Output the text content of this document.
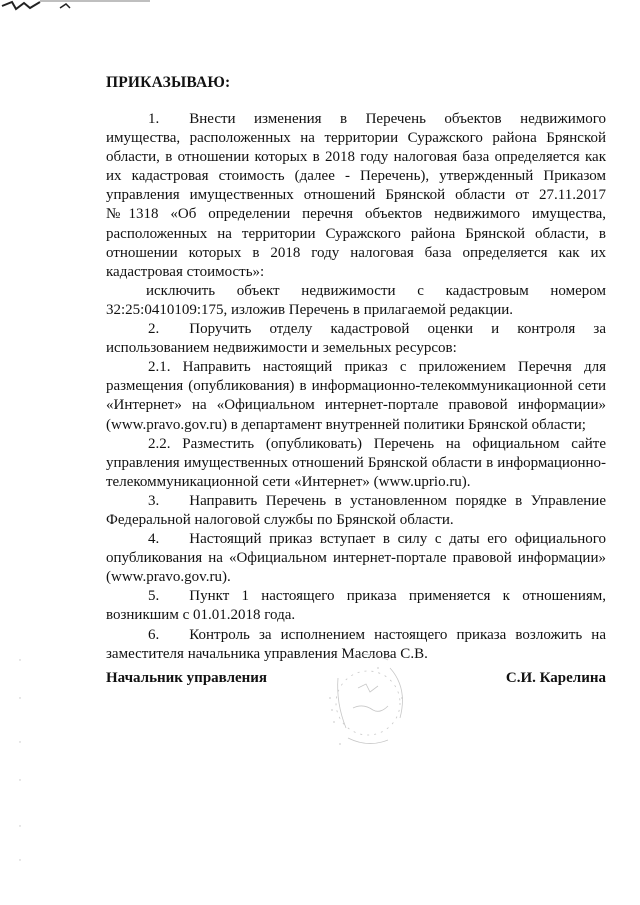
ПРИКАЗЫВАЮ:

1.  Внести изменения в Перечень объектов недвижимого имущества, расположенных на территории Суражского района Брянской области, в отношении которых в 2018 году налоговая база определяется как их кадастровая стоимость (далее - Перечень), утвержденный Приказом управления имущественных отношений Брянской области от 27.11.2017 №1318 «Об определении перечня объектов недвижимого имущества, расположенных на территории Суражского района Брянской области, в отношении которых в 2018 году налоговая база определяется как их кадастровая стоимость»:

исключить объект недвижимости с кадастровым номером 32:25:0410109:175, изложив Перечень в прилагаемой редакции.

2.  Поручить отделу кадастровой оценки и контроля за использованием недвижимости и земельных ресурсов:

2.1. Направить настоящий приказ с приложением Перечня для размещения (опубликования) в информационно-телекоммуникационной сети «Интернет» на «Официальном интернет-портале правовой информации» (www.pravo.gov.ru) в департамент внутренней политики Брянской области;

2.2. Разместить (опубликовать) Перечень на официальном сайте управления имущественных отношений Брянской области в информационно-телекоммуникационной сети «Интернет» (www.uprio.ru).

3.  Направить Перечень в установленном порядке в Управление Федеральной налоговой службы по Брянской области.

4.  Настоящий приказ вступает в силу с даты его официального опубликования на «Официальном интернет-портале правовой информации» (www.pravo.gov.ru).

5.  Пункт 1 настоящего приказа применяется к отношениям, возникшим с 01.01.2018 года.

6.  Контроль за исполнением настоящего приказа возложить на заместителя начальника управления Маслова С.В.

Начальник управления	С.И. Карелина
